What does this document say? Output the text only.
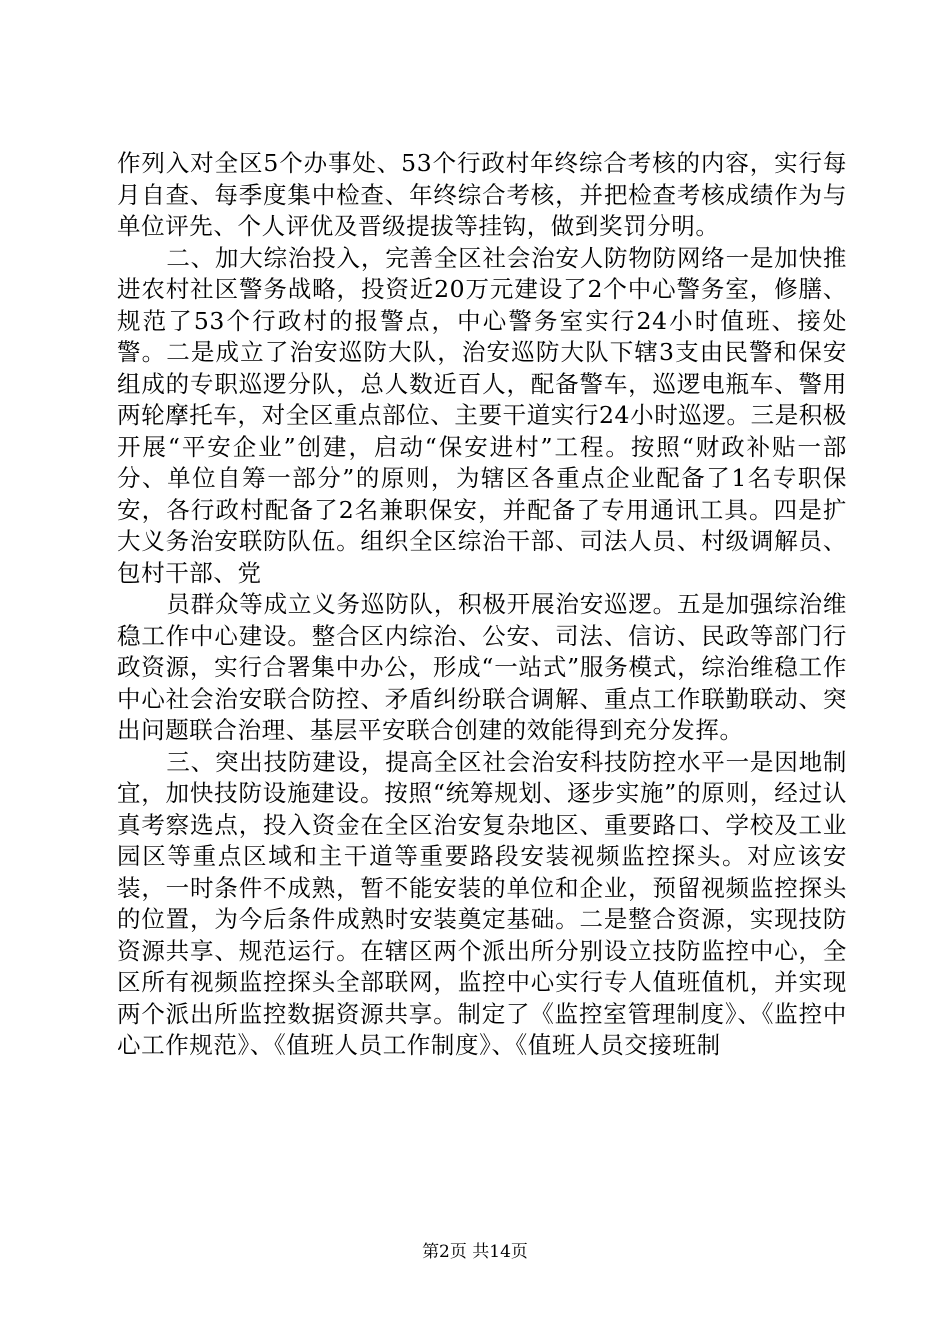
作列入对全区5个办事处、53个行政村年终综合考核的内容，实行每月自查、每季度集中检查、年终综合考核，并把检查考核成绩作为与单位评先、个人评优及晋级提拔等挂钩，做到奖罚分明。

二、加大综治投入，完善全区社会治安人防物防网络一是加快推进农村社区警务战略，投资近20万元建设了2个中心警务室，修膳、规范了53个行政村的报警点，中心警务室实行24小时值班、接处警。二是成立了治安巡防大队，治安巡防大队下辖3支由民警和保安组成的专职巡逻分队，总人数近百人，配备警车，巡逻电瓶车、警用两轮摩托车，对全区重点部位、主要干道实行24小时巡逻。三是积极开展“平安企业”创建，启动“保安进村”工程。按照“财政补贴一部分、单位自筹一部分”的原则，为辖区各重点企业配备了1名专职保安，各行政村配备了2名兼职保安，并配备了专用通讯工具。四是扩大义务治安联防队伍。组织全区综治干部、司法人员、村级调解员、包村干部、党

员群众等成立义务巡防队，积极开展治安巡逻。五是加强综治维稳工作中心建设。整合区内综治、公安、司法、信访、民政等部门行政资源，实行合署集中办公，形成“一站式”服务模式，综治维稳工作中心社会治安联合防控、矛盾纠纷联合调解、重点工作联勤联动、突出问题联合治理、基层平安联合创建的效能得到充分发挥。

三、突出技防建设，提高全区社会治安科技防控水平一是因地制宜，加快技防设施建设。按照“统筹规划、逐步实施”的原则，经过认真考察选点，投入资金在全区治安复杂地区、重要路口、学校及工业园区等重点区域和主干道等重要路段安装视频监控探头。对应该安装，一时条件不成熟，暂不能安装的单位和企业，预留视频监控探头的位置，为今后条件成熟时安装奠定基础。二是整合资源，实现技防资源共享、规范运行。在辖区两个派出所分别设立技防监控中心，全区所有视频监控探头全部联网，监控中心实行专人值班值机，并实现两个派出所监控数据资源共享。制定了《监控室管理制度》、《监控中心工作规范》、《值班人员工作制度》、《值班人员交接班制

第2页 共14页
